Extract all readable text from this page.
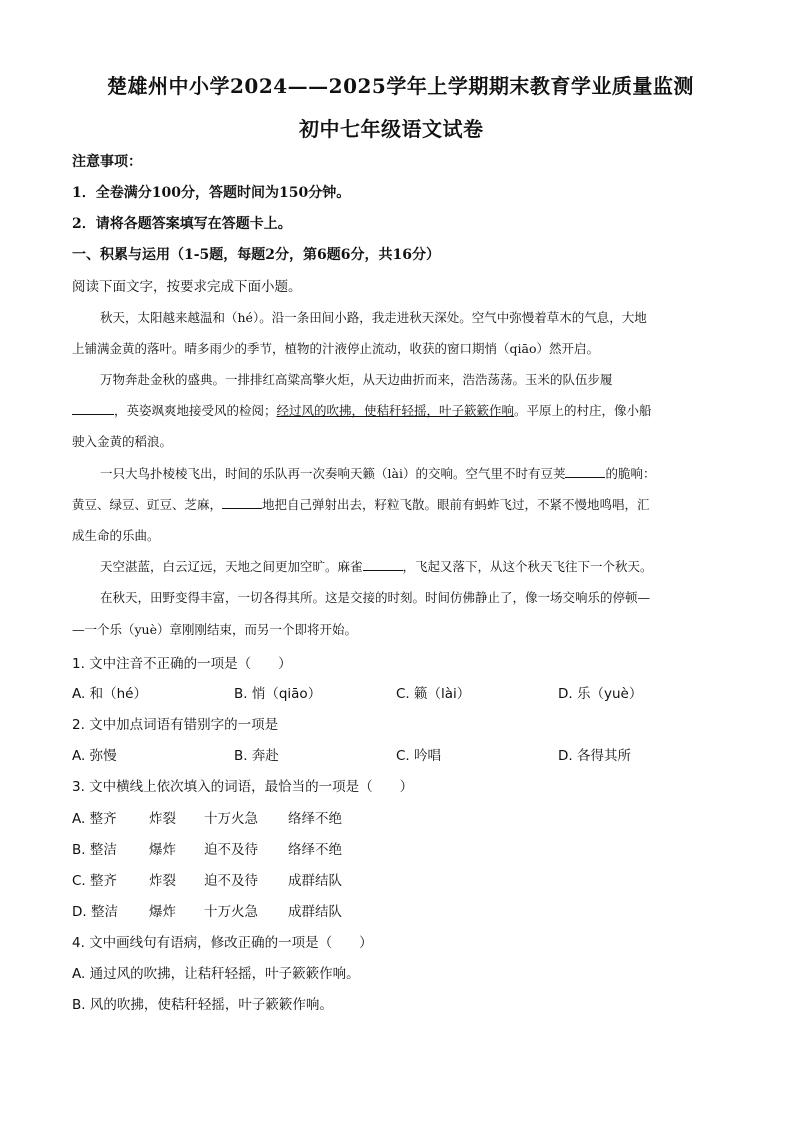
楚雄州中小学2024——2025学年上学期期末教育学业质量监测
初中七年级语文试卷
注意事项：
1．全卷满分100分，答题时间为150分钟。
2．请将各题答案填写在答题卡上。
一、积累与运用（1-5题，每题2分，第6题6分，共16分）
阅读下面文字，按要求完成下面小题。
秋天，太阳越来越温和（hé）。沿一条田间小路，我走进秋天深处。空气中弥慢着草木的气息，大地
上铺满金黄的落叶。晴多雨少的季节，植物的汁液停止流动，收获的窗口期悄（qiāo）然开启。
万物奔赴金秋的盛典。一排排红高粱高擎火炬，从天边曲折而来，浩浩荡荡。玉米的队伍步履
，英姿飒爽地接受风的检阅；经过风的吹拂，使秸秆轻摇，叶子簌簌作响。平原上的村庄，像小船
驶入金黄的稻浪。
一只大鸟扑棱棱飞出，时间的乐队再一次奏响天籁（lài）的交响。空气里不时有豆荚	的脆响：
黄豆、绿豆、豇豆、芝麻，	地把自己弹射出去，籽粒飞散。眼前有蚂蚱飞过，不紧不慢地鸣唱，汇
成生命的乐曲。
天空湛蓝，白云辽远，天地之间更加空旷。麻雀	，飞起又落下，从这个秋天飞往下一个秋天。
在秋天，田野变得丰富，一切各得其所。这是交接的时刻。时间仿佛静止了，像一场交响乐的停顿—
—一个乐（yuè）章刚刚结束，而另一个即将开始。
1. 文中注音不正确的一项是（　　）
A. 和（hé）	B. 悄（qiāo）	C. 籁（lài）	D. 乐（yuè）
2. 文中加点词语有错别字的一项是
A. 弥慢	B. 奔赴	C. 吟唱	D. 各得其所
3. 文中横线上依次填入的词语，最恰当的一项是（　　）
A. 整齐 炸裂 十万火急 络绎不绝
B. 整洁 爆炸 迫不及待 络绎不绝
C. 整齐 炸裂 迫不及待 成群结队
D. 整洁 爆炸 十万火急 成群结队
4. 文中画线句有语病，修改正确的一项是（　　）
A. 通过风的吹拂，让秸秆轻摇，叶子簌簌作响。
B. 风的吹拂，使秸秆轻摇，叶子簌簌作响。
